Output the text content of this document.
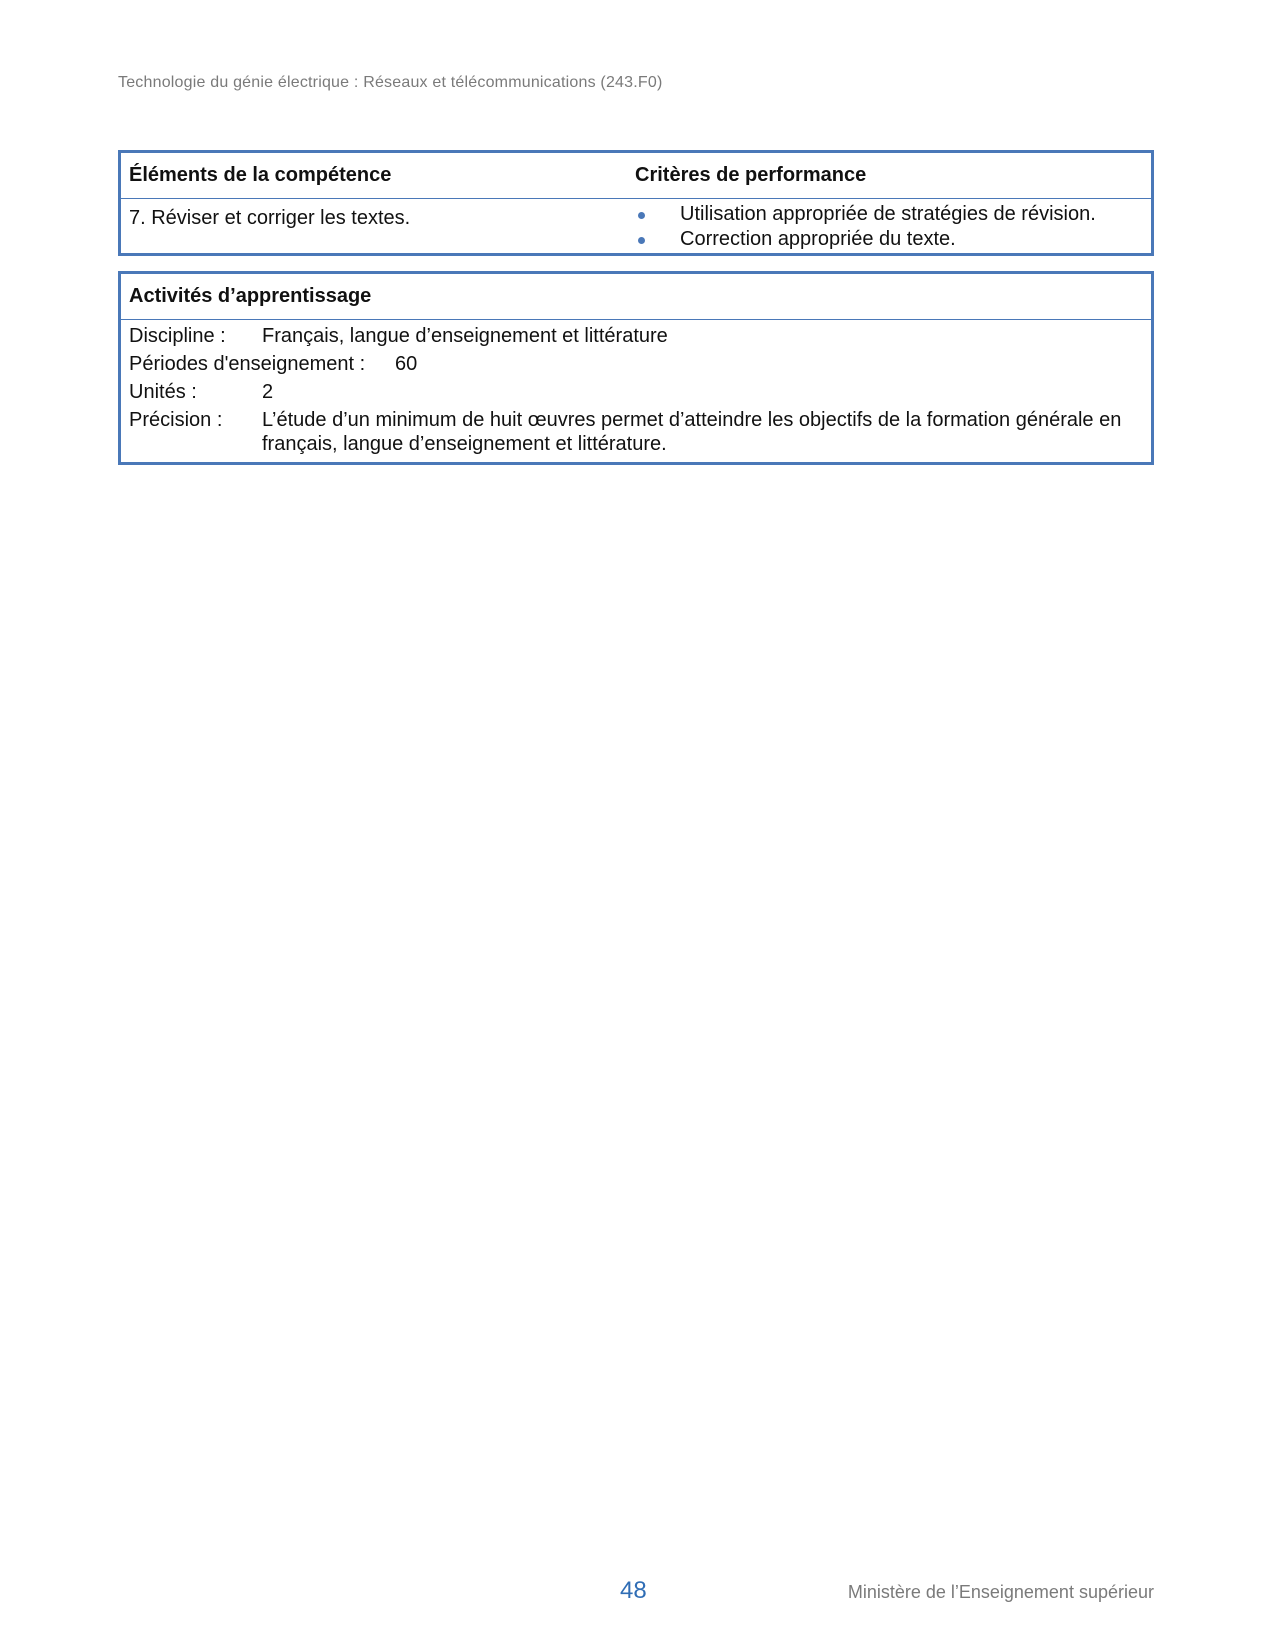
Technologie du génie électrique : Réseaux et télécommunications (243.F0)
Éléments de la compétence	Critères de performance
7. Réviser et corriger les textes.	Utilisation appropriée de stratégies de révision.
Correction appropriée du texte.
Activités d’apprentissage
Discipline : Français, langue d’enseignement et littérature
Périodes d'enseignement : 60
Unités :	2
Précision : L’étude d’un minimum de huit œuvres permet d’atteindre les objectifs de la formation générale en français, langue d’enseignement et littérature.
48	Ministère de l’Enseignement supérieur
